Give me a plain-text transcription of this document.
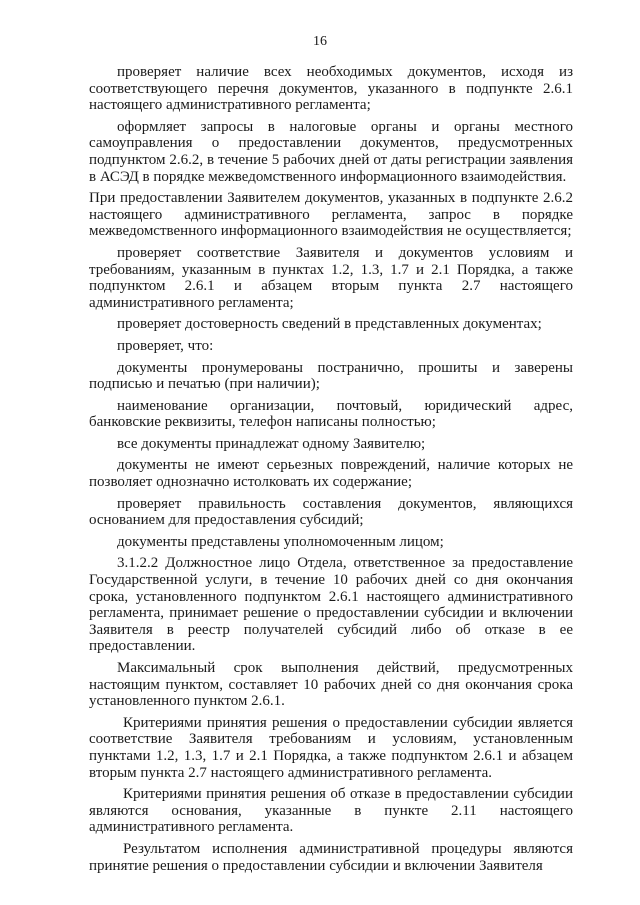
16

проверяет наличие всех необходимых документов, исходя из соответствующего перечня документов, указанного в подпункте 2.6.1 настоящего административного регламента;

оформляет запросы в налоговые органы и органы местного самоуправления о предоставлении документов, предусмотренных подпунктом 2.6.2, в течение 5 рабочих дней от даты регистрации заявления в АСЭД в порядке межведомственного информационного взаимодействия.

При предоставлении Заявителем документов, указанных в подпункте 2.6.2 настоящего административного регламента, запрос в порядке межведомственного информационного взаимодействия не осуществляется;

проверяет соответствие Заявителя и документов условиям и требованиям, указанным в пунктах 1.2, 1.3, 1.7 и 2.1 Порядка, а также подпунктом 2.6.1 и абзацем вторым пункта 2.7 настоящего административного регламента;

проверяет достоверность сведений в представленных документах;

проверяет, что:

документы пронумерованы постранично, прошиты и заверены подписью и печатью (при наличии);

наименование организации, почтовый, юридический адрес, банковские реквизиты, телефон написаны полностью;

все документы принадлежат одному Заявителю;

документы не имеют серьезных повреждений, наличие которых не позволяет однозначно истолковать их содержание;

проверяет правильность составления документов, являющихся основанием для предоставления субсидий;

документы представлены уполномоченным лицом;

3.1.2.2 Должностное лицо Отдела, ответственное за предоставление Государственной услуги, в течение 10 рабочих дней со дня окончания срока, установленного подпунктом 2.6.1 настоящего административного регламента, принимает решение о предоставлении субсидии и включении Заявителя в реестр получателей субсидий либо об отказе в ее предоставлении.

Максимальный срок выполнения действий, предусмотренных настоящим пунктом, составляет 10 рабочих дней со дня окончания срока установленного пунктом 2.6.1.

Критериями принятия решения о предоставлении субсидии является соответствие Заявителя требованиям и условиям, установленным пунктами 1.2, 1.3, 1.7 и 2.1 Порядка, а также подпунктом 2.6.1 и абзацем вторым пункта 2.7 настоящего административного регламента.

Критериями принятия решения об отказе в предоставлении субсидии являются основания, указанные в пункте 2.11 настоящего административного регламента.

Результатом исполнения административной процедуры являются принятие решения о предоставлении субсидии и включении Заявителя
